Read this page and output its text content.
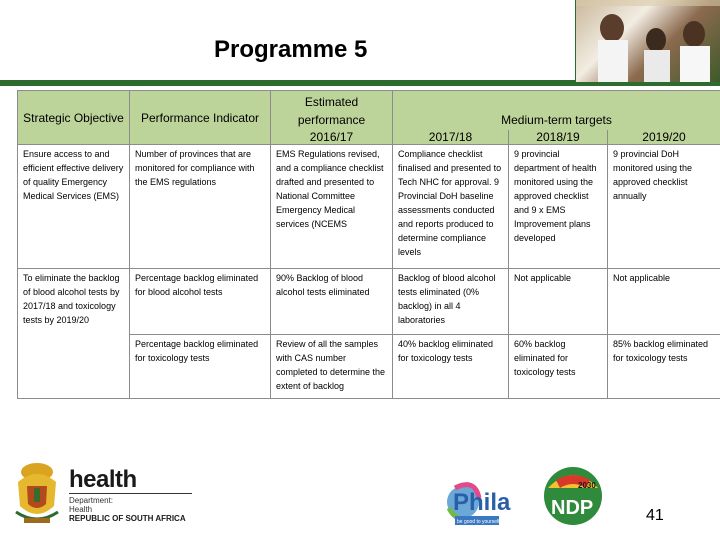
Programme 5
Strategic Objective	Performance Indicator	Estimated performance	Medium-term targets		
		2016/17	2017/18	2018/19	2019/20
Ensure access to and efficient effective delivery of quality Emergency Medical Services (EMS)	Number of provinces that are monitored for compliance with the EMS regulations	EMS Regulations revised, and a compliance checklist drafted and presented to National Committee Emergency Medical services (NCEMS	Compliance checklist finalised and presented to Tech NHC for approval. 9 Provincial DoH baseline assessments conducted and reports produced to determine compliance levels	9 provincial department of health monitored using the approved checklist and 9 x EMS Improvement plans developed	9 provincial DoH monitored using the approved checklist annually
To eliminate the backlog of blood alcohol tests by 2017/18 and toxicology tests by 2019/20	Percentage backlog eliminated for blood alcohol tests	90% Backlog of blood alcohol tests eliminated	Backlog of blood alcohol tests eliminated (0% backlog) in all 4 laboratories	Not applicable	Not applicable
	Percentage backlog eliminated for toxicology tests	Review of all the samples with CAS number completed to determine the extent of backlog	40% backlog eliminated for toxicology tests	60% backlog eliminated for toxicology tests	85% backlog eliminated for toxicology tests
health
Department:
Health
REPUBLIC OF SOUTH AFRICA
Phila
be good to yourself
2030
NDP	41
